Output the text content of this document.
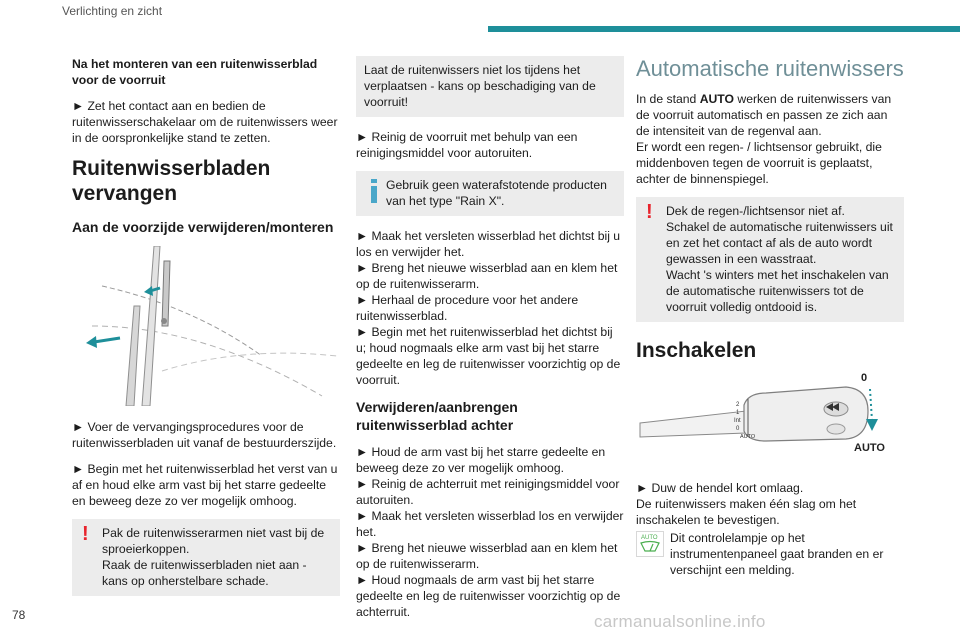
Verlichting en zicht

Na het monteren van een ruitenwisserblad voor de voorruit

► Zet het contact aan en bedien de ruitenwisserschakelaar om de ruitenwissers weer in de oorspronkelijke stand te zetten.

Ruitenwisserbladen vervangen
Aan de voorzijde verwijderen/monteren

► Voer de vervangingsprocedures voor de ruitenwisserbladen uit vanaf de bestuurderszijde.

► Begin met het ruitenwisserblad het verst van u af en houd elke arm vast bij het starre gedeelte en beweeg deze zo ver mogelijk omhoog.

! Pak de ruitenwisserarmen niet vast bij de sproeierkoppen.
Raak de ruitenwisserbladen niet aan - kans op onherstelbare schade.
Laat de ruitenwissers niet los tijdens het verplaatsen - kans op beschadiging van de voorruit!

► Reinig de voorruit met behulp van een reinigingsmiddel voor autoruiten.

Gebruik geen waterafstotende producten van het type "Rain X".

► Maak het versleten wisserblad het dichtst bij u los en verwijder het.
► Breng het nieuwe wisserblad aan en klem het op de ruitenwisserarm.
► Herhaal de procedure voor het andere ruitenwisserblad.
► Begin met het ruitenwisserblad het dichtst bij u; houd nogmaals elke arm vast bij het starre gedeelte en leg de ruitenwisser voorzichtig op de voorruit.

Verwijderen/aanbrengen ruitenwisserblad achter

► Houd de arm vast bij het starre gedeelte en beweeg deze zo ver mogelijk omhoog.
► Reinig de achterruit met reinigingsmiddel voor autoruiten.
► Maak het versleten wisserblad los en verwijder het.
► Breng het nieuwe wisserblad aan en klem het op de ruitenwisserarm.
► Houd nogmaals de arm vast bij het starre gedeelte en leg de ruitenwisser voorzichtig op de achterruit.

Automatische ruitenwissers

In de stand AUTO werken de ruitenwissers van de voorruit automatisch en passen ze zich aan de intensiteit van de regenval aan.
Er wordt een regen- / lichtsensor gebruikt, die middenboven tegen de voorruit is geplaatst, achter de binnenspiegel.

! Dek de regen-/lichtsensor niet af.
Schakel de automatische ruitenwissers uit en zet het contact af als de auto wordt gewassen in een wasstraat.
Wacht 's winters met het inschakelen van de automatische ruitenwissers tot de voorruit volledig ontdooid is.
Inschakelen
2
1
Int
0
AUTO
0
AUTO

► Duw de hendel kort omlaag.
De ruitenwissers maken één slag om het inschakelen te bevestigen.

AUTO Dit controlelampje op het instrumentenpaneel gaat branden en er verschijnt een melding.
78	carmanualsonline.info
